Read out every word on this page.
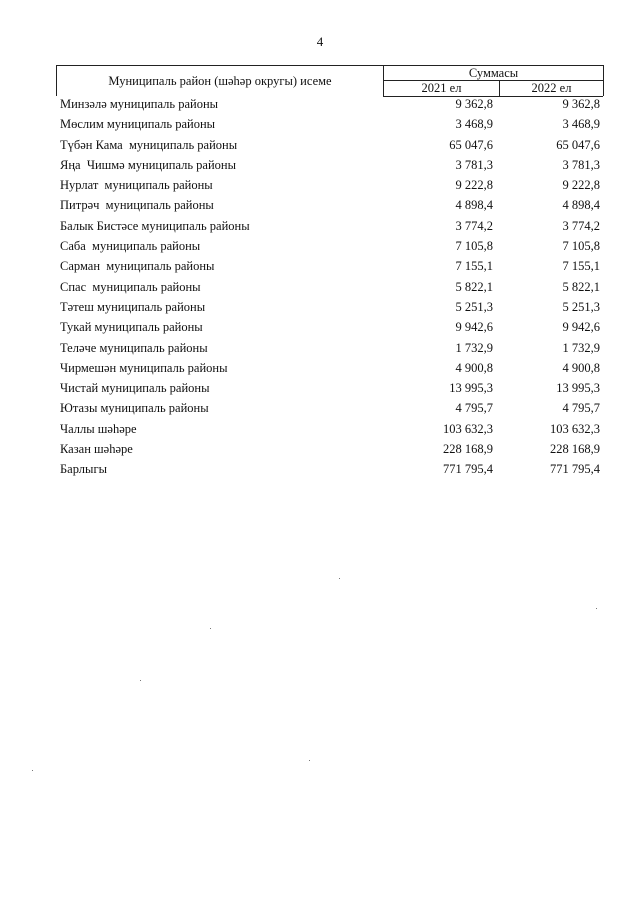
4
Муниципаль район (шәһәр округы) исеме
Суммасы
2021 ел	2022 ел
Минзәлә муниципаль районы	9 362,8	9 362,8
Мөслим муниципаль районы	3 468,9	3 468,9
Түбән Кама  муниципаль районы	65 047,6	65 047,6
Яңа  Чишмә муниципаль районы	3 781,3	3 781,3
Нурлат  муниципаль районы	9 222,8	9 222,8
Питрәч  муниципаль районы	4 898,4	4 898,4
Балык Бистәсе муниципаль районы	3 774,2	3 774,2
Саба  муниципаль районы	7 105,8	7 105,8
Сарман  муниципаль районы	7 155,1	7 155,1
Спас  муниципаль районы	5 822,1	5 822,1
Тәтеш муниципаль районы	5 251,3	5 251,3
Тукай муниципаль районы	9 942,6	9 942,6
Теләче муниципаль районы	1 732,9	1 732,9
Чирмешән муниципаль районы	4 900,8	4 900,8
Чистай муниципаль районы	13 995,3	13 995,3
Ютазы муниципаль районы	4 795,7	4 795,7
Чаллы шәһәре	103 632,3	103 632,3
Казан шәһәре	228 168,9	228 168,9
Барлыгы	771 795,4	771 795,4
